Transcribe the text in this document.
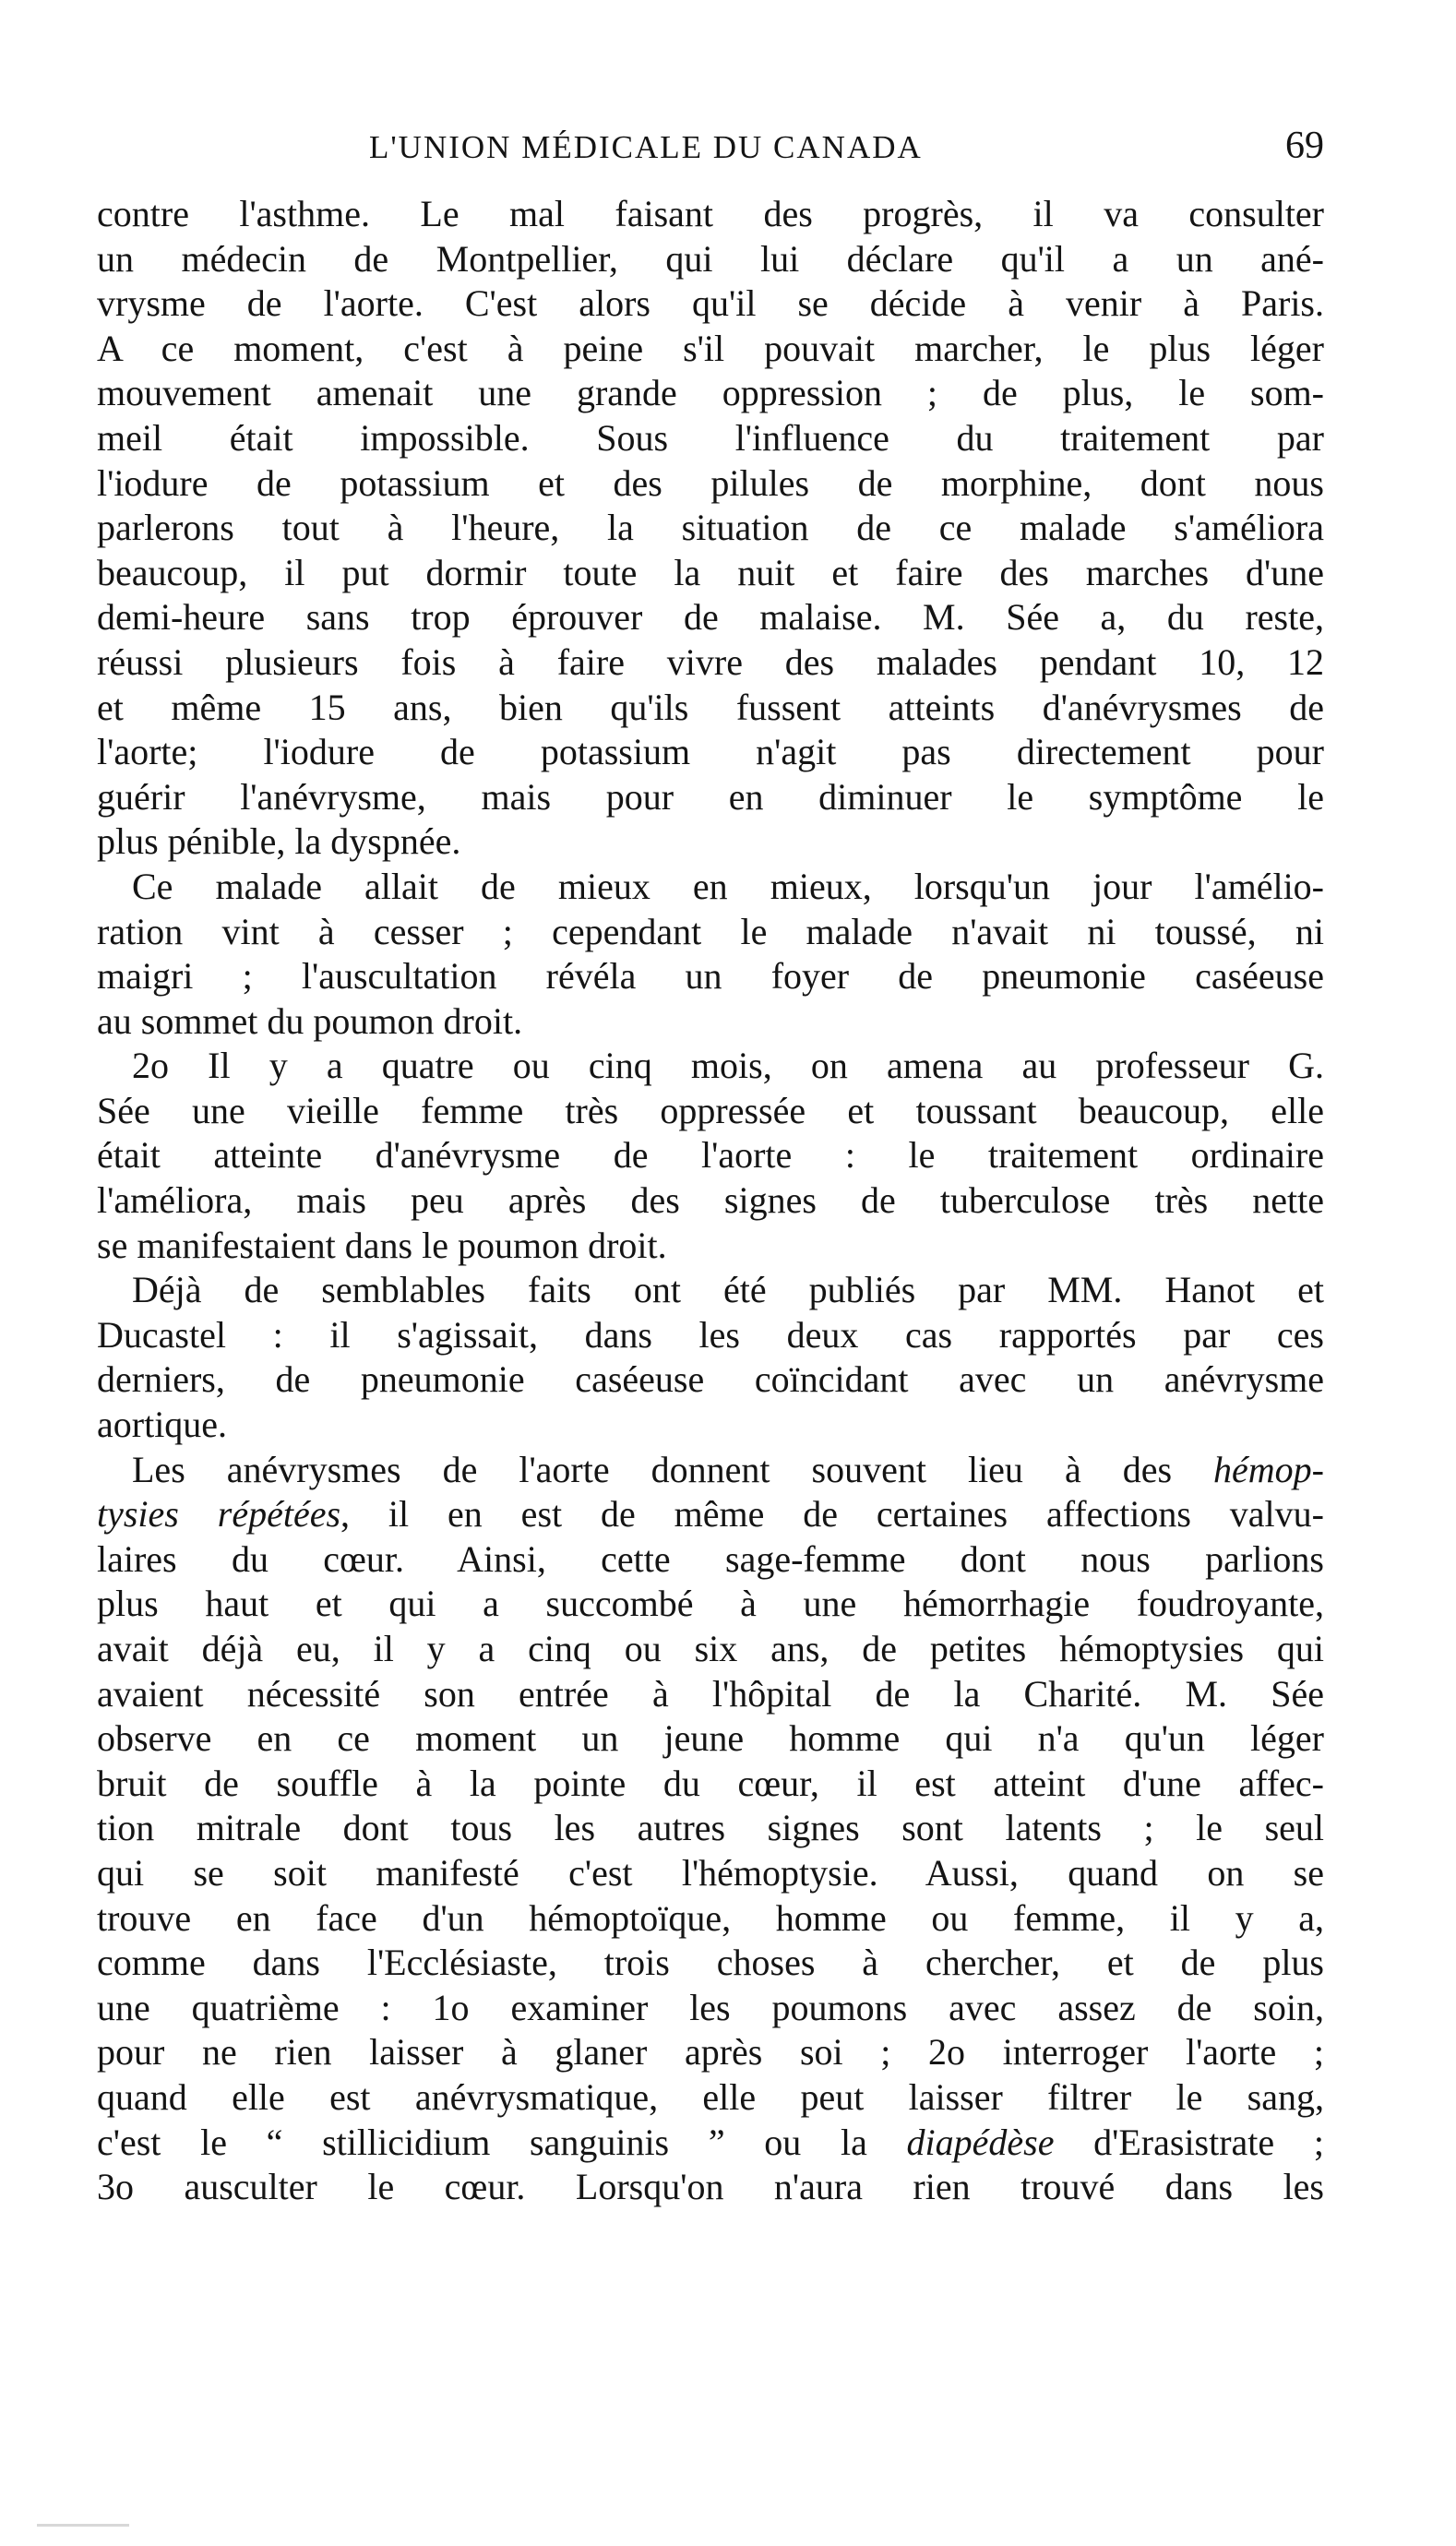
L'UNION MÉDICALE DU CANADA	69
contre l'asthme. Le mal faisant des progrès, il va consulter
un médecin de Montpellier, qui lui déclare qu'il a un ané-
vrysme de l'aorte. C'est alors qu'il se décide à venir à Paris.
A ce moment, c'est à peine s'il pouvait marcher, le plus léger
mouvement amenait une grande oppression ; de plus, le som-
meil était impossible. Sous l'influence du traitement par
l'iodure de potassium et des pilules de morphine, dont nous
parlerons tout à l'heure, la situation de ce malade s'améliora
beaucoup, il put dormir toute la nuit et faire des marches d'une
demi-heure sans trop éprouver de malaise. M. Sée a, du reste,
réussi plusieurs fois à faire vivre des malades pendant 10, 12
et même 15 ans, bien qu'ils fussent atteints d'anévrysmes de
l'aorte; l'iodure de potassium n'agit pas directement pour
guérir l'anévrysme, mais pour en diminuer le symptôme le
plus pénible, la dyspnée.
Ce malade allait de mieux en mieux, lorsqu'un jour l'amélio-
ration vint à cesser ; cependant le malade n'avait ni toussé, ni
maigri ; l'auscultation révéla un foyer de pneumonie caséeuse
au sommet du poumon droit.
2o Il y a quatre ou cinq mois, on amena au professeur G.
Sée une vieille femme très oppressée et toussant beaucoup, elle
était atteinte d'anévrysme de l'aorte : le traitement ordinaire
l'améliora, mais peu après des signes de tuberculose très nette
se manifestaient dans le poumon droit.
Déjà de semblables faits ont été publiés par MM. Hanot et
Ducastel : il s'agissait, dans les deux cas rapportés par ces
derniers, de pneumonie caséeuse coïncidant avec un anévrysme
aortique.
Les anévrysmes de l'aorte donnent souvent lieu à des hémop-
tysies répétées, il en est de même de certaines affections valvu-
laires du cœur. Ainsi, cette sage-femme dont nous parlions
plus haut et qui a succombé à une hémorrhagie foudroyante,
avait déjà eu, il y a cinq ou six ans, de petites hémoptysies qui
avaient nécessité son entrée à l'hôpital de la Charité. M. Sée
observe en ce moment un jeune homme qui n'a qu'un léger
bruit de souffle à la pointe du cœur, il est atteint d'une affec-
tion mitrale dont tous les autres signes sont latents ; le seul
qui se soit manifesté c'est l'hémoptysie. Aussi, quand on se
trouve en face d'un hémoptoïque, homme ou femme, il y a,
comme dans l'Ecclésiaste, trois choses à chercher, et de plus
une quatrième : 1o examiner les poumons avec assez de soin,
pour ne rien laisser à glaner après soi ; 2o interroger l'aorte ;
quand elle est anévrysmatique, elle peut laisser filtrer le sang,
c'est le “ stillicidium sanguinis ” ou la diapédèse d'Erasistrate ;
3o ausculter le cœur. Lorsqu'on n'aura rien trouvé dans les
